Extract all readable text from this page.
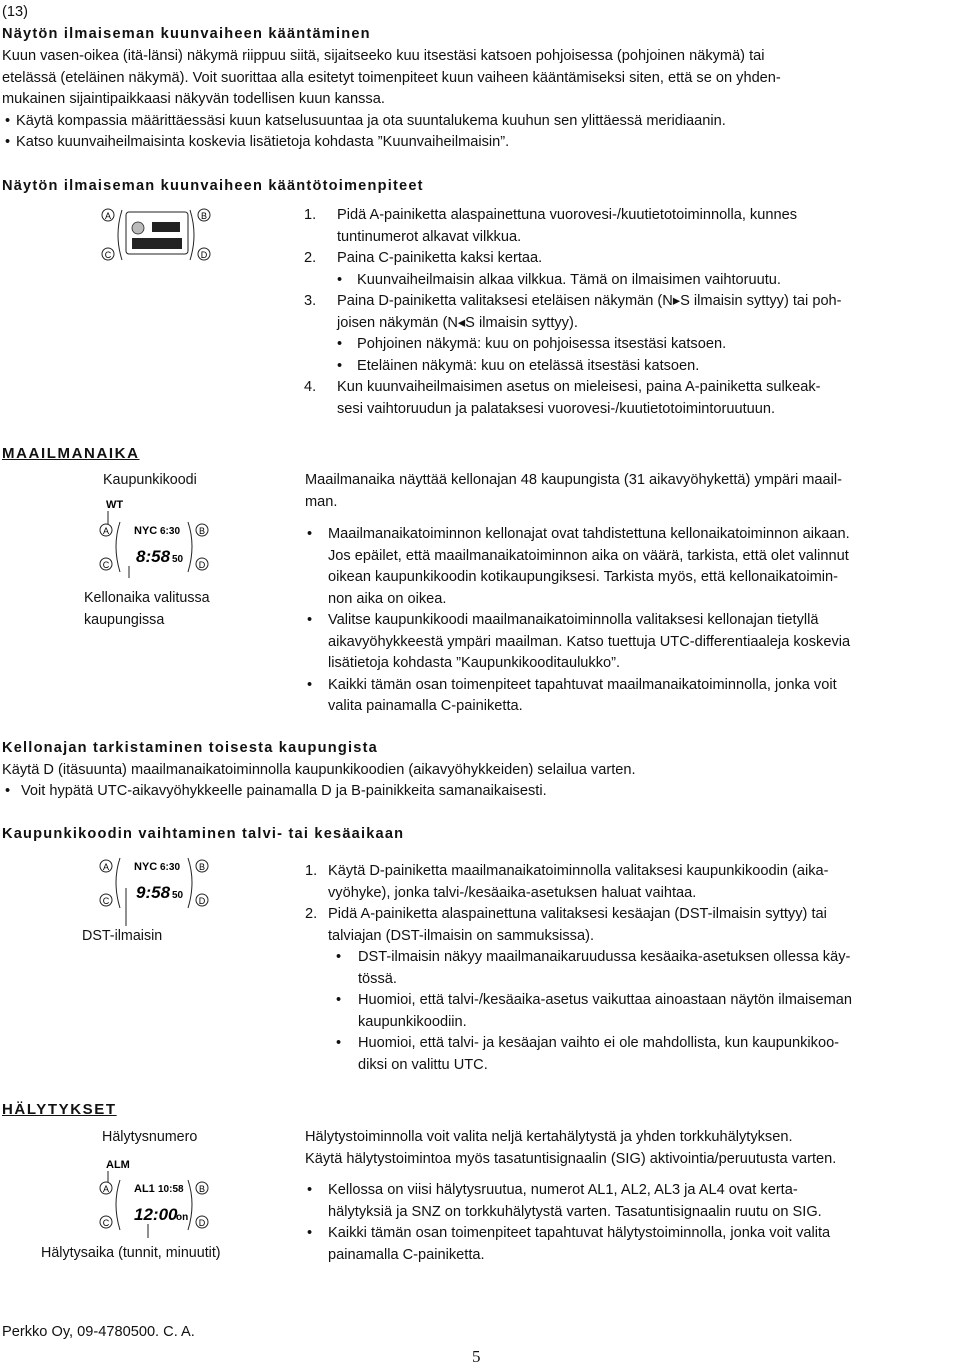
(13)
Näytön ilmaiseman kuunvaiheen kääntäminen
Kuun vasen-oikea (itä-länsi) näkymä riippuu siitä, sijaitseeko kuu itsestäsi katsoen pohjoisessa (pohjoinen näkymä) tai
etelässä (eteläinen näkymä). Voit suorittaa alla esitetyt toimenpiteet kuun vaiheen kääntämiseksi siten, että se on yhden-
mukainen sijaintipaikkaasi näkyvän todellisen kuun kanssa.
• Käytä kompassia määrittäessäsi kuun katselusuuntaa ja ota suuntalukema kuuhun sen ylittäessä meridiaanin.
• Katso kuunvaiheilmaisinta koskevia lisätietoja kohdasta ”Kuunvaiheilmaisin”.
Näytön ilmaiseman kuunvaiheen kääntötoimenpiteet
A	B
C	D
1. Pidä A-painiketta alaspainettuna vuorovesi-/kuutietotoiminnolla, kunnes
tuntinumerot alkavat vilkkua.
2. Paina C-painiketta kaksi kertaa.
• Kuunvaiheilmaisin alkaa vilkkua. Tämä on ilmaisimen vaihtoruutu.
3. Paina D-painiketta valitaksesi eteläisen näkymän (N▸S ilmaisin syttyy) tai poh-
joisen näkymän (N◂S ilmaisin syttyy).
• Pohjoinen näkymä: kuu on pohjoisessa itsestäsi katsoen.
• Eteläinen näkymä: kuu on etelässä itsestäsi katsoen.
4. Kun kuunvaiheilmaisimen asetus on mieleisesi, paina A-painiketta sulkeak-
sesi vaihtoruudun ja palataksesi vuorovesi-/kuutietotoimintoruutuun.
MAAILMANAIKA
Kaupunkikoodi
WT
A	B
C	D
NYC 6:30
8:58 50
Kellonaika valitussa
kaupungissa
Maailmanaika näyttää kellonajan 48 kaupungista (31 aikavyöhykettä) ympäri maail-
man.
• Maailmanaikatoiminnon kellonajat ovat tahdistettuna kellonaikatoiminnon aikaan.
Jos epäilet, että maailmanaikatoiminnon aika on väärä, tarkista, että olet valinnut
oikean kaupunkikoodin kotikaupungiksesi. Tarkista myös, että kellonaikatoimin-
non aika on oikea.
• Valitse kaupunkikoodi maailmanaikatoiminnolla valitaksesi kellonajan tietyllä
aikavyöhykkeestä ympäri maailman. Katso tuettuja UTC-differentiaaleja koskevia
lisätietoja kohdasta ”Kaupunkikooditaulukko”.
• Kaikki tämän osan toimenpiteet tapahtuvat maailmanaikatoiminnolla, jonka voit
valita painamalla C-painiketta.
Kellonajan tarkistaminen toisesta kaupungista
Käytä D (itäsuunta) maailmanaikatoiminnolla kaupunkikoodien (aikavyöhykkeiden) selailua varten.
• Voit hypätä UTC-aikavyöhykkeelle painamalla D ja B-painikkeita samanaikaisesti.
Kaupunkikoodin vaihtaminen talvi- tai kesäaikaan
A	B
C	D
NYC 6:30
9:58 50
DST-ilmaisin
1. Käytä D-painiketta maailmanaikatoiminnolla valitaksesi kaupunkikoodin (aika-
vyöhyke), jonka talvi-/kesäaika-asetuksen haluat vaihtaa.
2. Pidä A-painiketta alaspainettuna valitaksesi kesäajan (DST-ilmaisin syttyy) tai
talviajan (DST-ilmaisin on sammuksissa).
• DST-ilmaisin näkyy maailmanaikaruudussa kesäaika-asetuksen ollessa käy-
tössä.
• Huomioi, että talvi-/kesäaika-asetus vaikuttaa ainoastaan näytön ilmaiseman
kaupunkikoodiin.
• Huomioi, että talvi- ja kesäajan vaihto ei ole mahdollista, kun kaupunkikoo-
diksi on valittu UTC.
HÄLYTYKSET
Hälytysnumero
ALM
A	B
C	D
AL1 10:58
12:00
on
Hälytysaika (tunnit, minuutit)
Hälytystoiminnolla voit valita neljä kertahälytystä ja yhden torkkuhälytyksen.
Käytä hälytystoimintoa myös tasatuntisignaalin (SIG) aktivointia/peruutusta varten.
• Kellossa on viisi hälytysruutua, numerot AL1, AL2, AL3 ja AL4 ovat kerta-
hälytyksiä ja SNZ on torkkuhälytystä varten. Tasatuntisignaalin ruutu on SIG.
• Kaikki tämän osan toimenpiteet tapahtuvat hälytystoiminnolla, jonka voit valita
painamalla C-painiketta.
Perkko Oy, 09-4780500. C. A.
5
